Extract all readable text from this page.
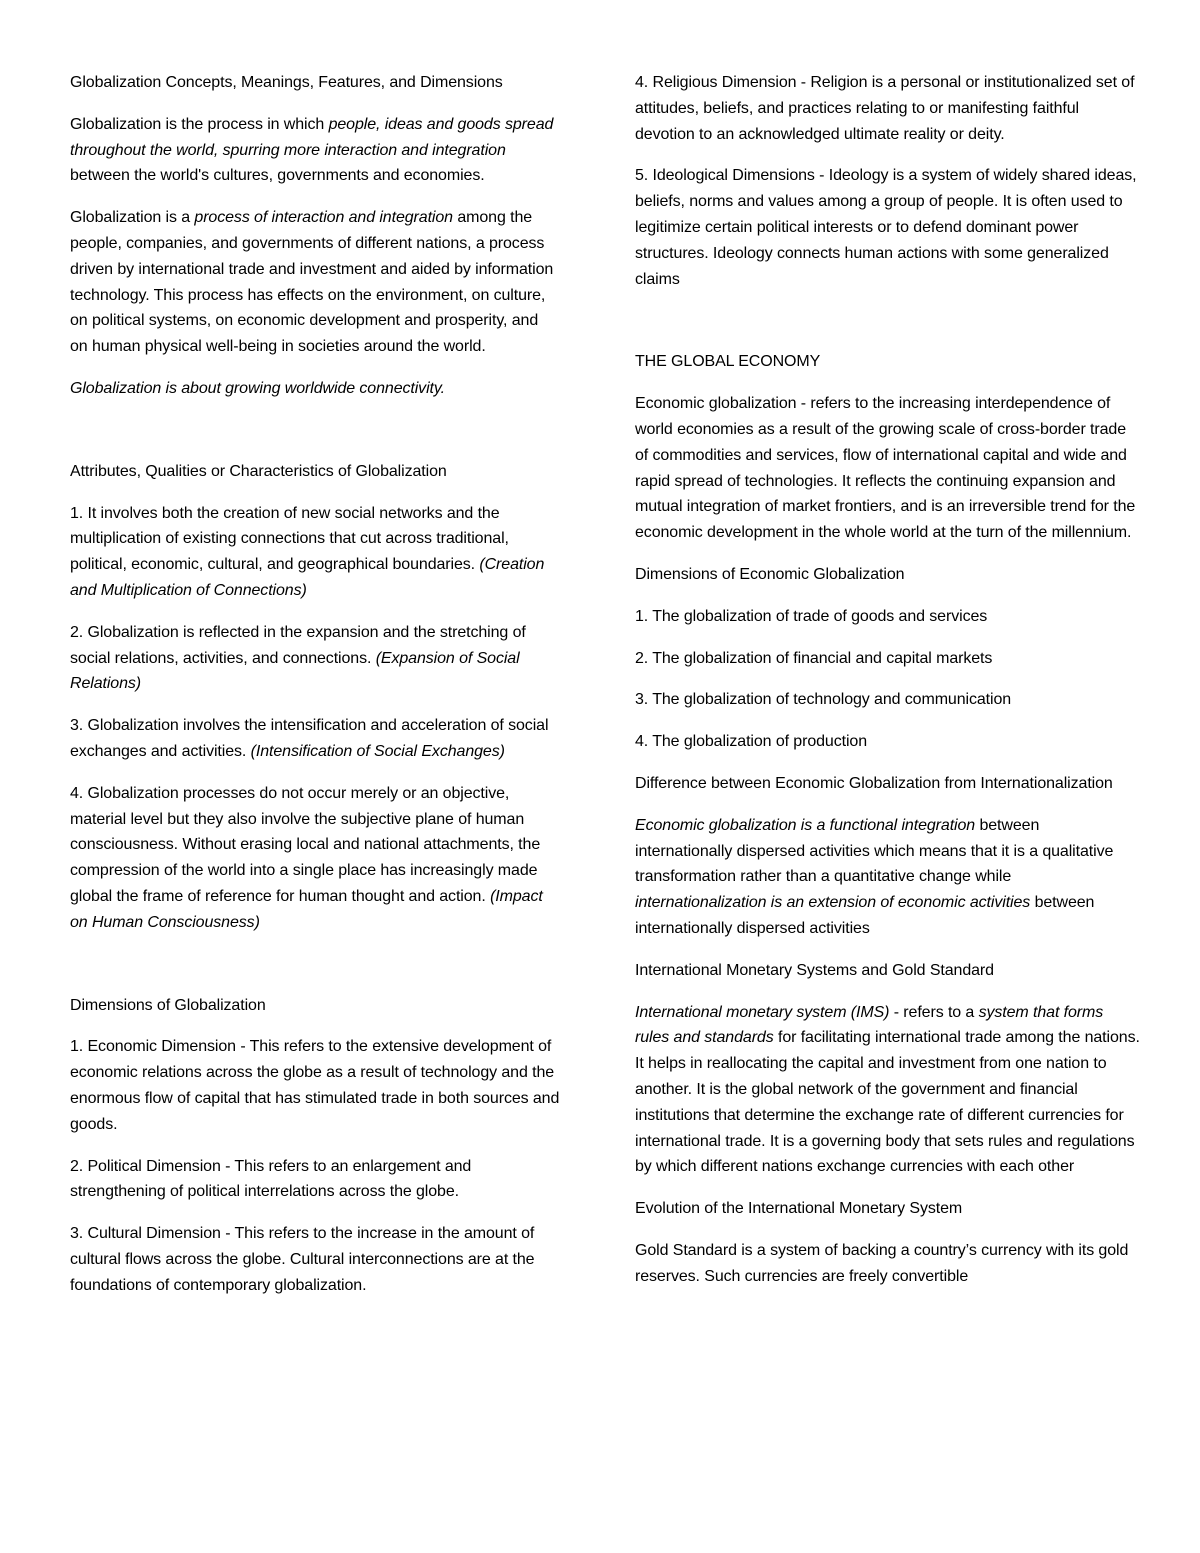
Globalization Concepts, Meanings, Features, and Dimensions

Globalization is the process in which people, ideas and goods spread throughout the world, spurring more interaction and integration between the world's cultures, governments and economies.

Globalization is a process of interaction and integration among the people, companies, and governments of different nations, a process driven by international trade and investment and aided by information technology. This process has effects on the environment, on culture, on political systems, on economic development and prosperity, and on human physical well-being in societies around the world.

Globalization is about growing worldwide connectivity.

Attributes, Qualities or Characteristics of Globalization

1. It involves both the creation of new social networks and the multiplication of existing connections that cut across traditional, political, economic, cultural, and geographical boundaries. (Creation and Multiplication of Connections)

2. Globalization is reflected in the expansion and the stretching of social relations, activities, and connections. (Expansion of Social Relations)

3. Globalization involves the intensification and acceleration of social exchanges and activities. (Intensification of Social Exchanges)

4. Globalization processes do not occur merely or an objective, material level but they also involve the subjective plane of human consciousness. Without erasing local and national attachments, the compression of the world into a single place has increasingly made global the frame of reference for human thought and action. (Impact on Human Consciousness)

Dimensions of Globalization

1. Economic Dimension - This refers to the extensive development of economic relations across the globe as a result of technology and the enormous flow of capital that has stimulated trade in both sources and goods.

2. Political Dimension - This refers to an enlargement and strengthening of political interrelations across the globe.

3. Cultural Dimension - This refers to the increase in the amount of cultural flows across the globe. Cultural interconnections are at the foundations of contemporary globalization.

4. Religious Dimension - Religion is a personal or institutionalized set of attitudes, beliefs, and practices relating to or manifesting faithful devotion to an acknowledged ultimate reality or deity.

5. Ideological Dimensions - Ideology is a system of widely shared ideas, beliefs, norms and values among a group of people. It is often used to legitimize certain political interests or to defend dominant power structures. Ideology connects human actions with some generalized claims

THE GLOBAL ECONOMY

Economic globalization - refers to the increasing interdependence of world economies as a result of the growing scale of cross-border trade of commodities and services, flow of international capital and wide and rapid spread of technologies. It reflects the continuing expansion and mutual integration of market frontiers, and is an irreversible trend for the economic development in the whole world at the turn of the millennium.

Dimensions of Economic Globalization

1. The globalization of trade of goods and services

2. The globalization of financial and capital markets

3. The globalization of technology and communication

4. The globalization of production

Difference between Economic Globalization from Internationalization

Economic globalization is a functional integration between internationally dispersed activities which means that it is a qualitative transformation rather than a quantitative change while internationalization is an extension of economic activities between internationally dispersed activities

International Monetary Systems and Gold Standard

International monetary system (IMS) - refers to a system that forms rules and standards for facilitating international trade among the nations. It helps in reallocating the capital and investment from one nation to another. It is the global network of the government and financial institutions that determine the exchange rate of different currencies for international trade. It is a governing body that sets rules and regulations by which different nations exchange currencies with each other

Evolution of the International Monetary System

Gold Standard is a system of backing a country’s currency with its gold reserves. Such currencies are freely convertible
